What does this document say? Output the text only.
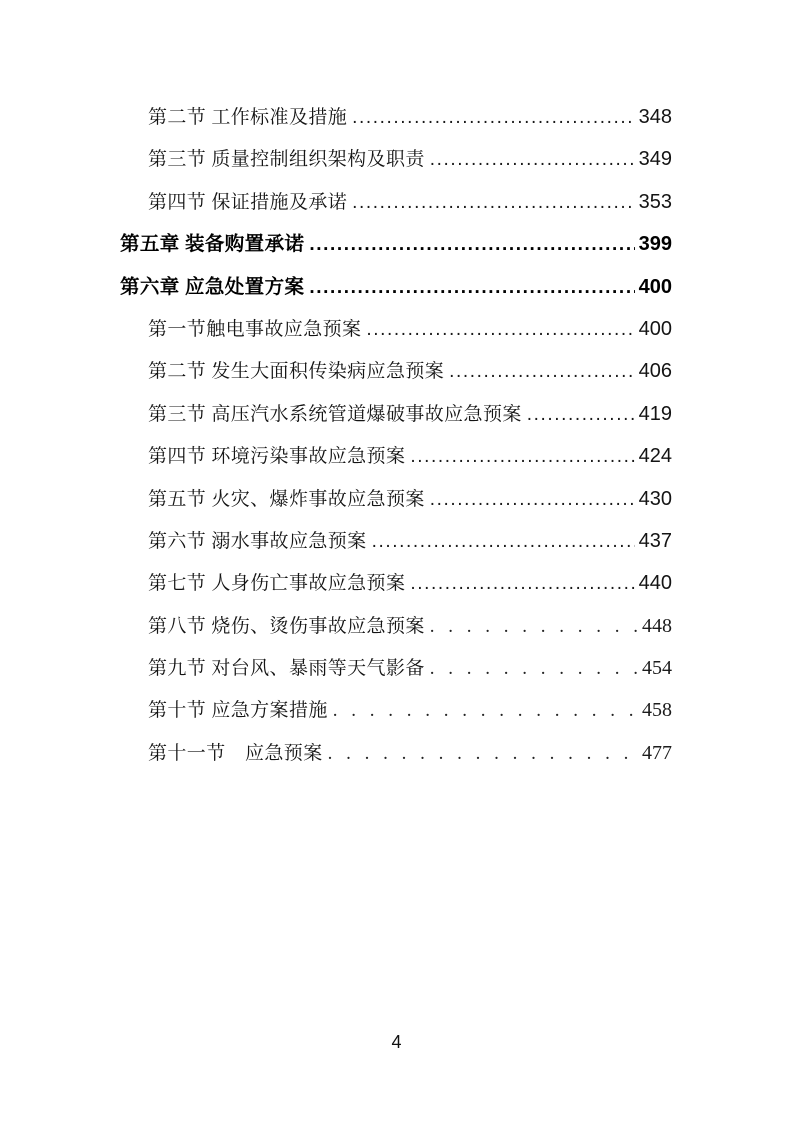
第二节 工作标准及措施 .....	348
第三节 质量控制组织架构及职责 .....	349
第四节 保证措施及承诺 .....	353
第五章 装备购置承诺 .....	399
第六章 应急处置方案 .....	400
第一节触电事故应急预案 .....	400
第二节 发生大面积传染病应急预案 .....	406
第三节 高压汽水系统管道爆破事故应急预案 .....	419
第四节 环境污染事故应急预案 .....	424
第五节 火灾、爆炸事故应急预案 .....	430
第六节 溺水事故应急预案 .....	437
第七节 人身伤亡事故应急预案 .....	440
第八节 烧伤、烫伤事故应急预案 . . .	448
第九节 对台风、暴雨等天气影备 . . .	454
第十节 应急方案措施 . . .	458
第十一节　应急预案 . . .	477
4
